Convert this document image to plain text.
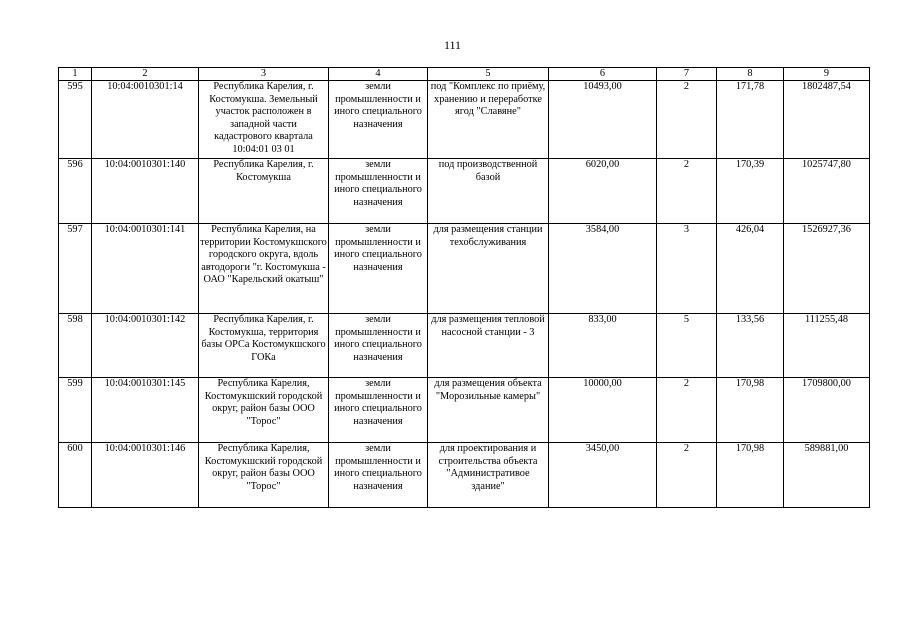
111
1	2	3	4	5	6	7	8	9
595	10:04:0010301:14	Республика Карелия, г. Костомукша. Земельный участок расположен в западной части кадастрового квартала 10:04:01 03 01	земли промышленности и иного специального назначения	под "Комплекс по приёму, хранению и переработке ягод "Славяне"	10493,00	2	171,78	1802487,54
596	10:04:0010301:140	Республика Карелия, г. Костомукша	земли промышленности и иного специального назначения	под производственной базой	6020,00	2	170,39	1025747,80
597	10:04:0010301:141	Республика Карелия, на территории Костомукшского городского округа, вдоль автодороги "г. Костомукша - ОАО "Карельский окатыш"	земли промышленности и иного специального назначения	для размещения станции техобслуживания	3584,00	3	426,04	1526927,36
598	10:04:0010301:142	Республика Карелия, г. Костомукша, территория базы ОРСа Костомукшского ГОКа	земли промышленности и иного специального назначения	для размещения тепловой насосной станции - 3	833,00	5	133,56	111255,48
599	10:04:0010301:145	Республика Карелия, Костомукшский городской округ, район базы ООО "Торос"	земли промышленности и иного специального назначения	для размещения объекта "Морозильные камеры"	10000,00	2	170,98	1709800,00
600	10:04:0010301:146	Республика Карелия, Костомукшский городской округ, район базы ООО "Торос"	земли промышленности и иного специального назначения	для проектирования и строительства объекта "Административое здание"	3450,00	2	170,98	589881,00
